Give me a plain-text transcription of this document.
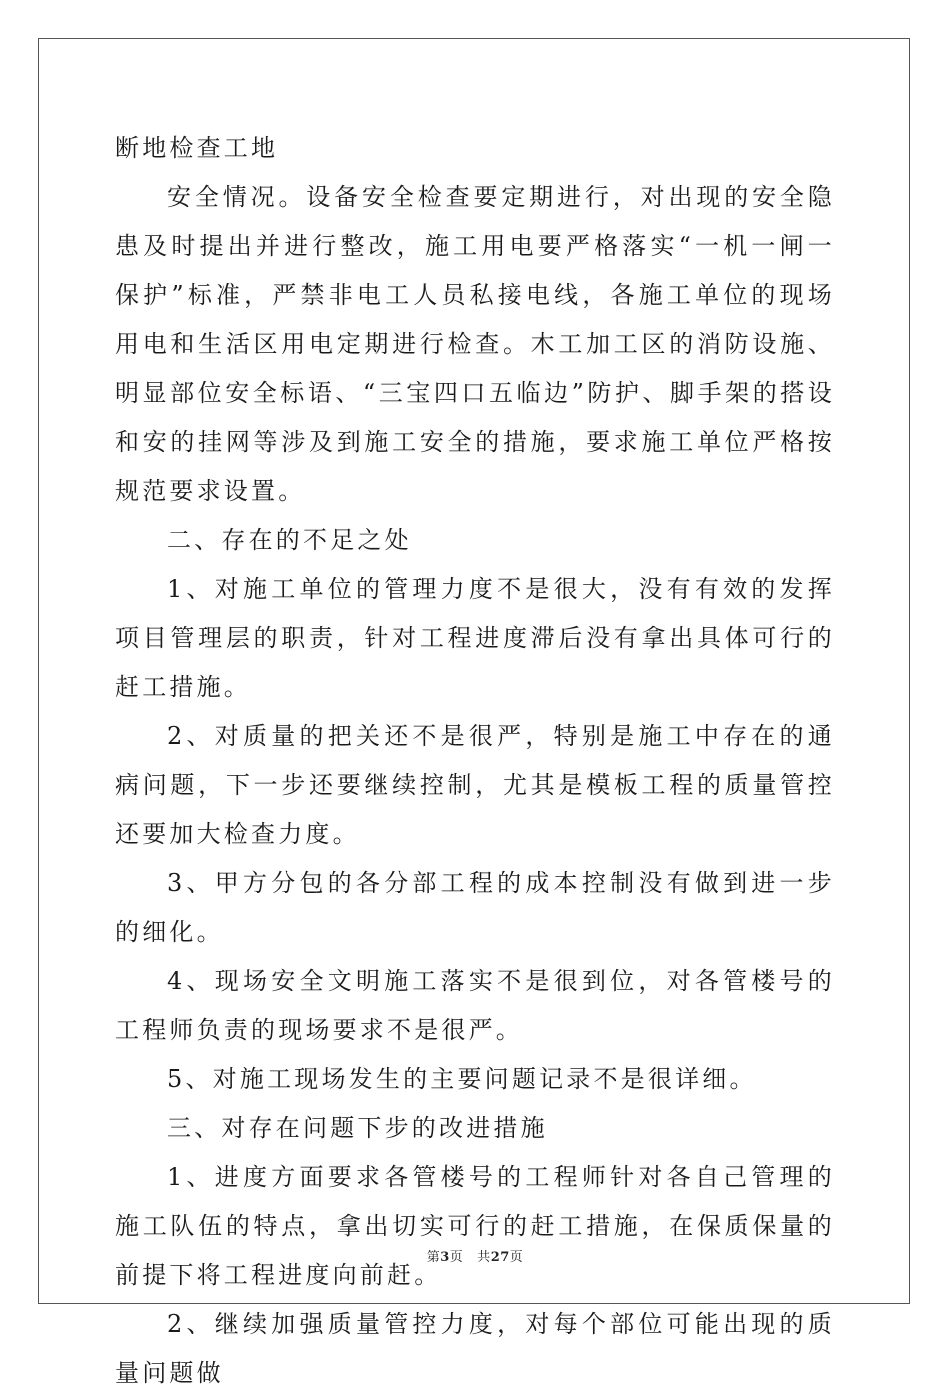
断地检查工地

安全情况。设备安全检查要定期进行，对出现的安全隐患及时提出并进行整改，施工用电要严格落实“一机一闸一保护”标准，严禁非电工人员私接电线，各施工单位的现场用电和生活区用电定期进行检查。木工加工区的消防设施、明显部位安全标语、“三宝四口五临边”防护、脚手架的搭设和安的挂网等涉及到施工安全的措施，要求施工单位严格按规范要求设置。

二、存在的不足之处

1、对施工单位的管理力度不是很大，没有有效的发挥项目管理层的职责，针对工程进度滞后没有拿出具体可行的赶工措施。

2、对质量的把关还不是很严，特别是施工中存在的通病问题，下一步还要继续控制，尤其是模板工程的质量管控还要加大检查力度。

3、甲方分包的各分部工程的成本控制没有做到进一步的细化。

4、现场安全文明施工落实不是很到位，对各管楼号的工程师负责的现场要求不是很严。

5、对施工现场发生的主要问题记录不是很详细。

三、对存在问题下步的改进措施

1、进度方面要求各管楼号的工程师针对各自己管理的施工队伍的特点，拿出切实可行的赶工措施，在保质保量的前提下将工程进度向前赶。

2、继续加强质量管控力度，对每个部位可能出现的质量问题做

第3页 共27页
